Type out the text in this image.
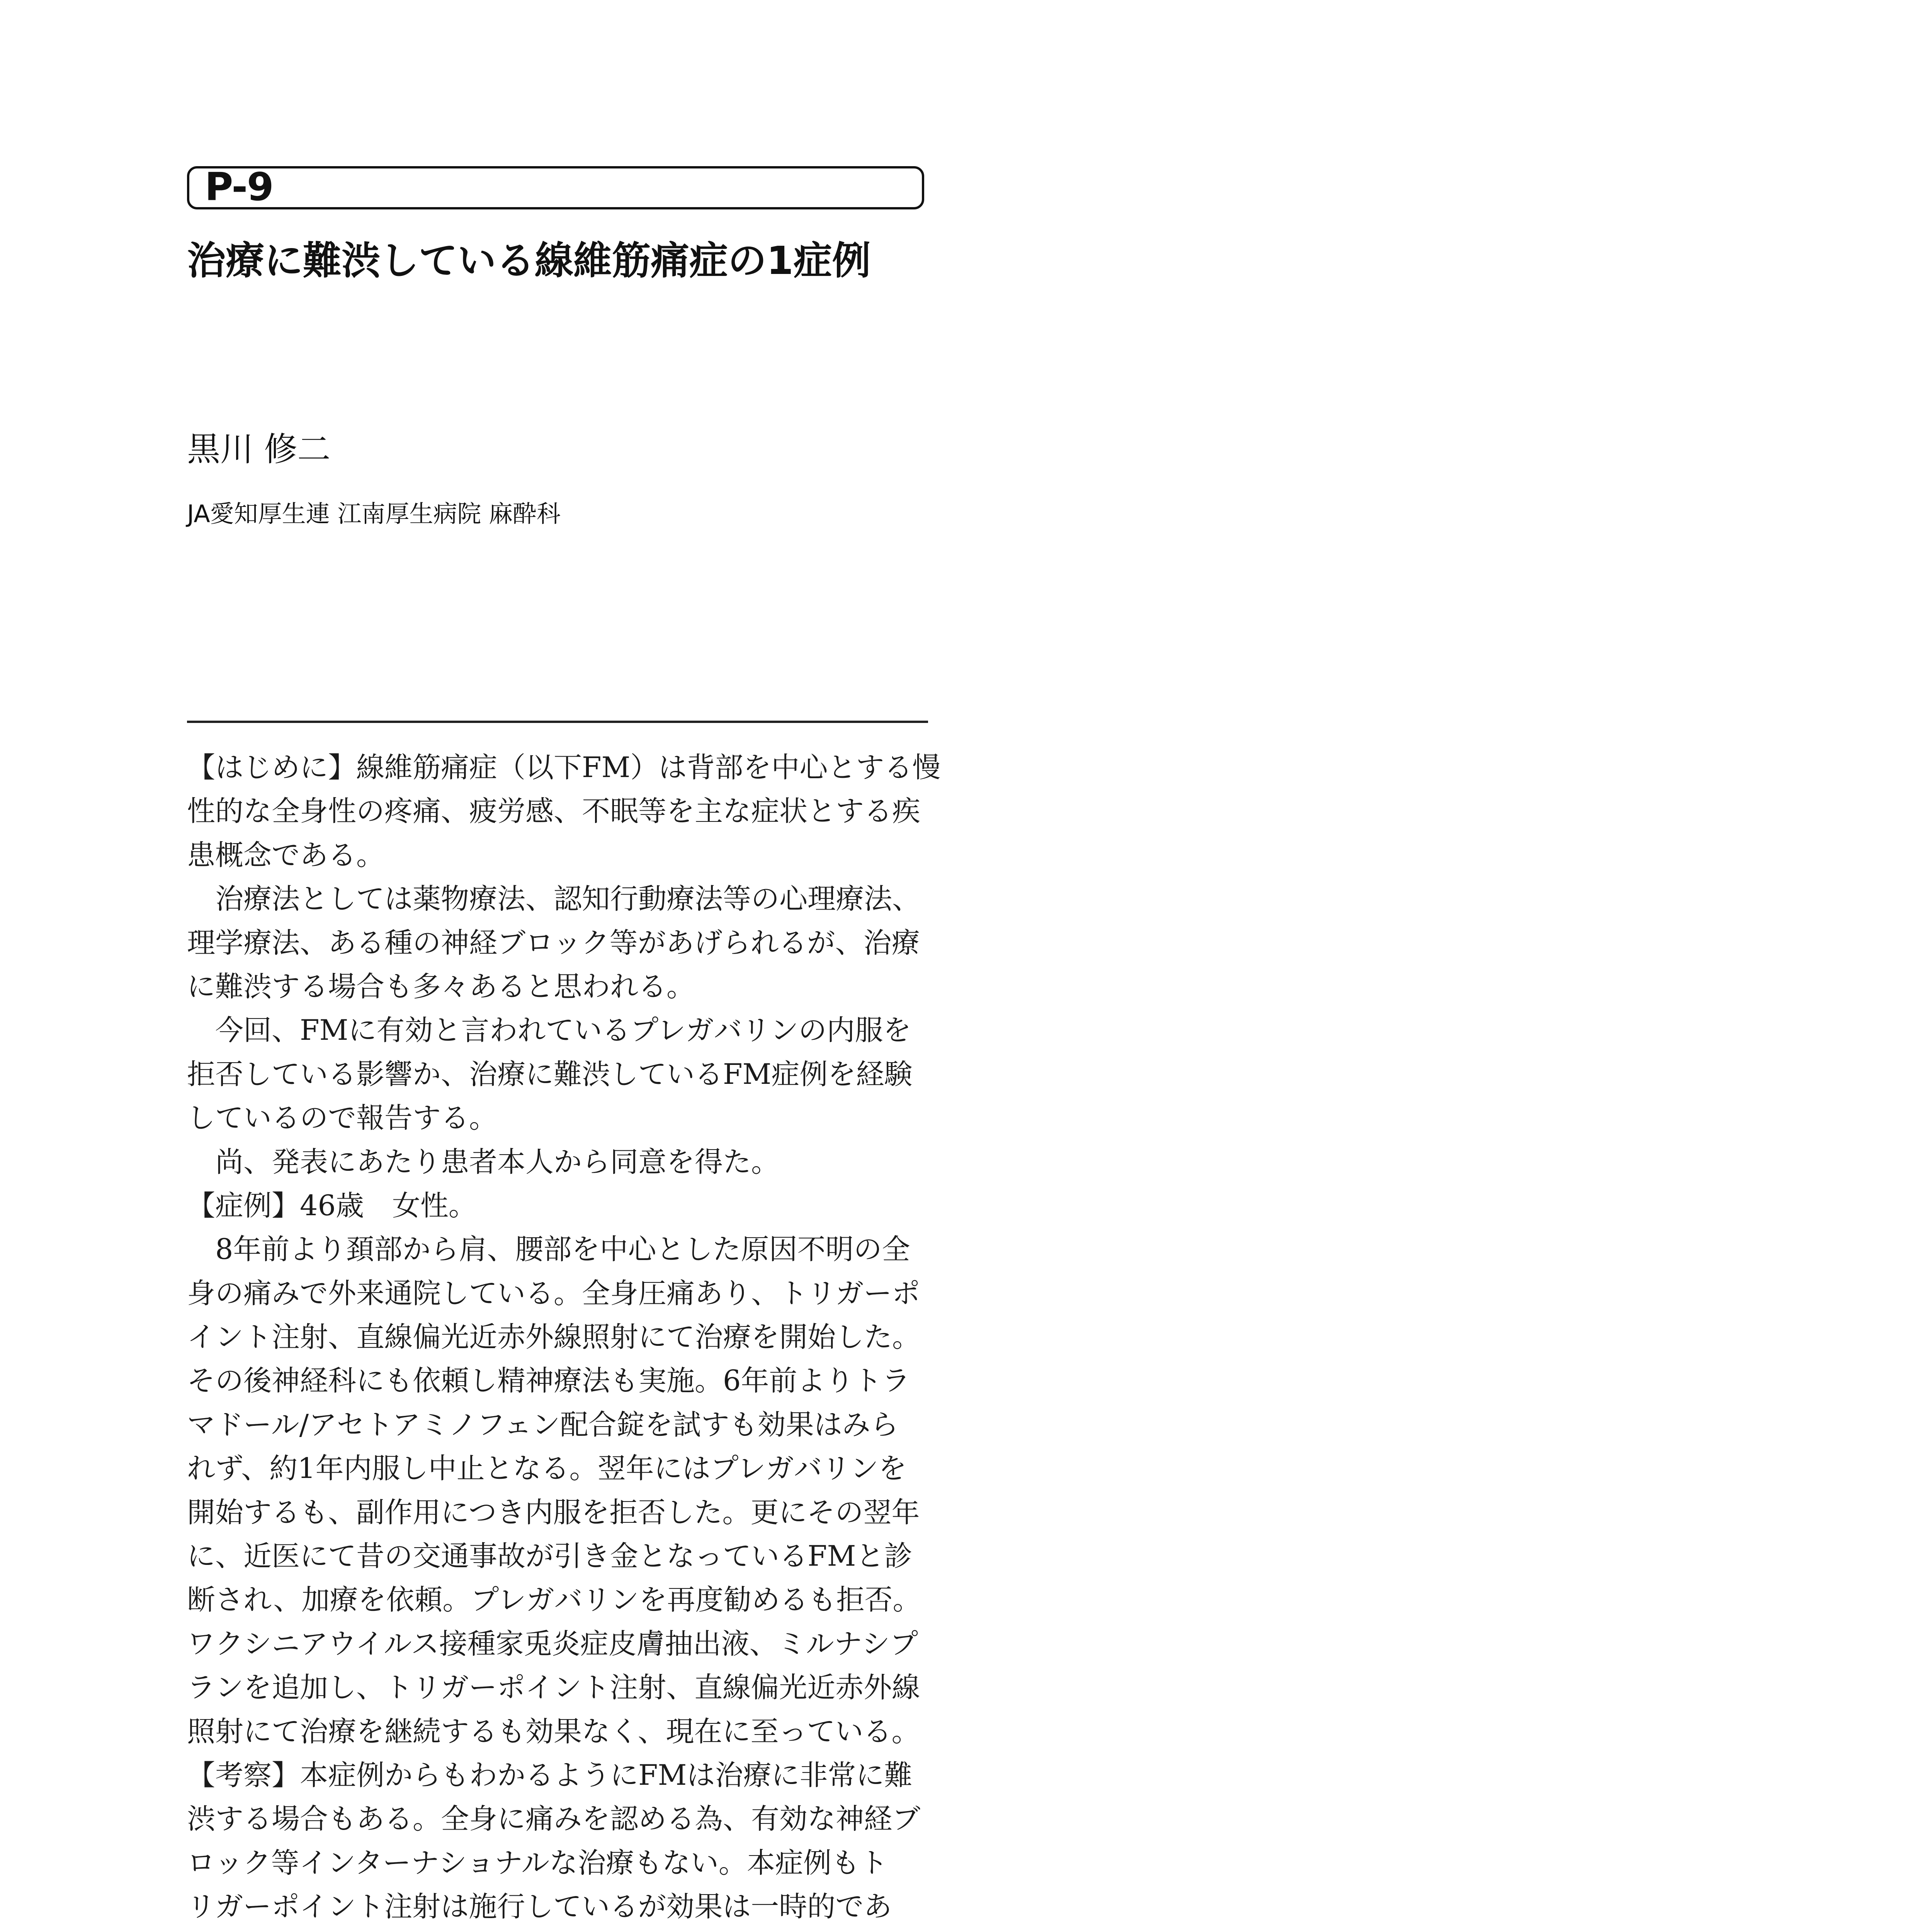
P-9
治療に難渋している線維筋痛症の1症例
黒川 修二
JA愛知厚生連 江南厚生病院 麻酔科
【はじめに】線維筋痛症（以下FM）は背部を中心とする慢
性的な全身性の疼痛、疲労感、不眠等を主な症状とする疾
患概念である。
　治療法としては薬物療法、認知行動療法等の心理療法、
理学療法、ある種の神経ブロック等があげられるが、治療
に難渋する場合も多々あると思われる。
　今回、FMに有効と言われているプレガバリンの内服を
拒否している影響か、治療に難渋しているFM症例を経験
しているので報告する。
　尚、発表にあたり患者本人から同意を得た。
【症例】46歳　女性。
　8年前より頚部から肩、腰部を中心とした原因不明の全
身の痛みで外来通院している。全身圧痛あり、トリガーポ
イント注射、直線偏光近赤外線照射にて治療を開始した。
その後神経科にも依頼し精神療法も実施。6年前よりトラ
マドール/アセトアミノフェン配合錠を試すも効果はみら
れず、約1年内服し中止となる。翌年にはプレガバリンを
開始するも、副作用につき内服を拒否した。更にその翌年
に、近医にて昔の交通事故が引き金となっているFMと診
断され、加療を依頼。プレガバリンを再度勧めるも拒否。
ワクシニアウイルス接種家兎炎症皮膚抽出液、ミルナシプ
ランを追加し、トリガーポイント注射、直線偏光近赤外線
照射にて治療を継続するも効果なく、現在に至っている。
【考察】本症例からもわかるようにFMは治療に非常に難
渋する場合もある。全身に痛みを認める為、有効な神経ブ
ロック等インターナショナルな治療もない。本症例もト
リガーポイント注射は施行しているが効果は一時的であ
